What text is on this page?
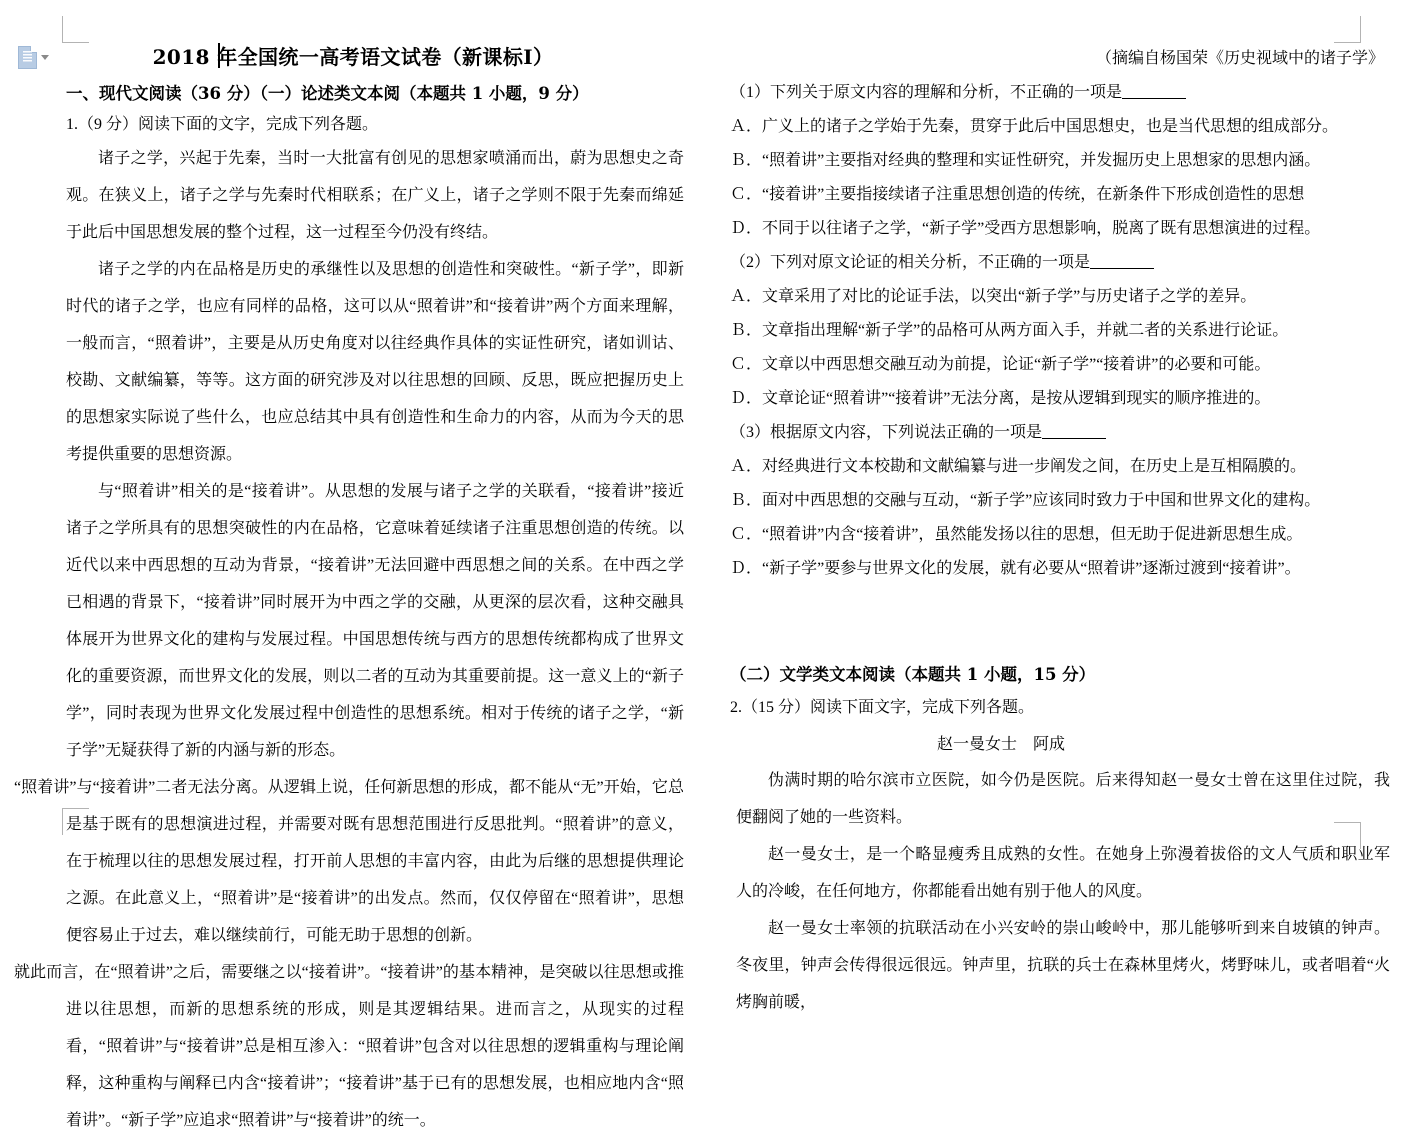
2018 年全国统一高考语文试卷（新课标Ⅰ）
一、现代文阅读（36 分）（一）论述类文本阅（本题共 1 小题，9 分）
1.（9 分）阅读下面的文字，完成下列各题。

诸子之学，兴起于先秦，当时一大批富有创见的思想家喷涌而出，蔚为思想史之奇观。在狭义上，诸子之学与先秦时代相联系；在广义上，诸子之学则不限于先秦而绵延于此后中国思想发展的整个过程，这一过程至今仍没有终结。

诸子之学的内在品格是历史的承继性以及思想的创造性和突破性。“新子学”，即新时代的诸子之学，也应有同样的品格，这可以从“照着讲”和“接着讲”两个方面来理解，一般而言，“照着讲”，主要是从历史角度对以往经典作具体的实证性研究，诸如训诂、校勘、文献编纂，等等。这方面的研究涉及对以往思想的回顾、反思，既应把握历史上的思想家实际说了些什么，也应总结其中具有创造性和生命力的内容，从而为今天的思考提供重要的思想资源。

与“照着讲”相关的是“接着讲”。从思想的发展与诸子之学的关联看，“接着讲”接近诸子之学所具有的思想突破性的内在品格，它意味着延续诸子注重思想创造的传统。以近代以来中西思想的互动为背景，“接着讲”无法回避中西思想之间的关系。在中西之学已相遇的背景下，“接着讲”同时展开为中西之学的交融，从更深的层次看，这种交融具体展开为世界文化的建构与发展过程。中国思想传统与西方的思想传统都构成了世界文化的重要资源，而世界文化的发展，则以二者的互动为其重要前提。这一意义上的“新子学”，同时表现为世界文化发展过程中创造性的思想系统。相对于传统的诸子之学，“新子学”无疑获得了新的内涵与新的形态。

“照着讲”与“接着讲”二者无法分离。从逻辑上说，任何新思想的形成，都不能从“无”开始，它总是基于既有的思想演进过程，并需要对既有思想范围进行反思批判。“照着讲”的意义，在于梳理以往的思想发展过程，打开前人思想的丰富内容，由此为后继的思想提供理论之源。在此意义上，“照着讲”是“接着讲”的出发点。然而，仅仅停留在“照着讲”，思想便容易止于过去，难以继续前行，可能无助于思想的创新。

就此而言，在“照着讲”之后，需要继之以“接着讲”。“接着讲”的基本精神，是突破以往思想或推进以往思想，而新的思想系统的形成，则是其逻辑结果。进而言之，从现实的过程看，“照着讲”与“接着讲”总是相互渗入：“照着讲”包含对以往思想的逻辑重构与理论阐释，这种重构与阐释已内含“接着讲”；“接着讲”基于已有的思想发展，也相应地内含“照着讲”。“新子学”应追求“照着讲”与“接着讲”的统一。

（摘编自杨国荣《历史视域中的诸子学》
（1）下列关于原文内容的理解和分析，不正确的一项是
Ａ．广义上的诸子之学始于先秦，贯穿于此后中国思想史，也是当代思想的组成部分。
Ｂ．“照着讲”主要指对经典的整理和实证性研究，并发掘历史上思想家的思想内涵。
Ｃ．“接着讲”主要指接续诸子注重思想创造的传统，在新条件下形成创造性的思想
Ｄ．不同于以往诸子之学，“新子学”受西方思想影响，脱离了既有思想演进的过程。
（2）下列对原文论证的相关分析，不正确的一项是
Ａ．文章采用了对比的论证手法，以突出“新子学”与历史诸子之学的差异。
Ｂ．文章指出理解“新子学”的品格可从两方面入手，并就二者的关系进行论证。
Ｃ．文章以中西思想交融互动为前提，论证“新子学”“接着讲”的必要和可能。
Ｄ．文章论证“照着讲”“接着讲”无法分离，是按从逻辑到现实的顺序推进的。
（3）根据原文内容，下列说法正确的一项是
Ａ．对经典进行文本校勘和文献编纂与进一步阐发之间，在历史上是互相隔膜的。
Ｂ．面对中西思想的交融与互动，“新子学”应该同时致力于中国和世界文化的建构。
Ｃ．“照着讲”内含“接着讲”，虽然能发扬以往的思想，但无助于促进新思想生成。
Ｄ．“新子学”要参与世界文化的发展，就有必要从“照着讲”逐渐过渡到“接着讲”。
（二）文学类文本阅读（本题共 1 小题，15 分）
2.（15 分）阅读下面文字，完成下列各题。
赵一曼女士　阿成

伪满时期的哈尔滨市立医院，如今仍是医院。后来得知赵一曼女士曾在这里住过院，我便翻阅了她的一些资料。

赵一曼女士，是一个略显瘦秀且成熟的女性。在她身上弥漫着拔俗的文人气质和职业军人的冷峻，在任何地方，你都能看出她有别于他人的风度。

赵一曼女士率领的抗联活动在小兴安岭的崇山峻岭中，那儿能够听到来自坡镇的钟声。冬夜里，钟声会传得很远很远。钟声里，抗联的兵士在森林里烤火，烤野味儿，或者唱着“火烤胸前暖，
